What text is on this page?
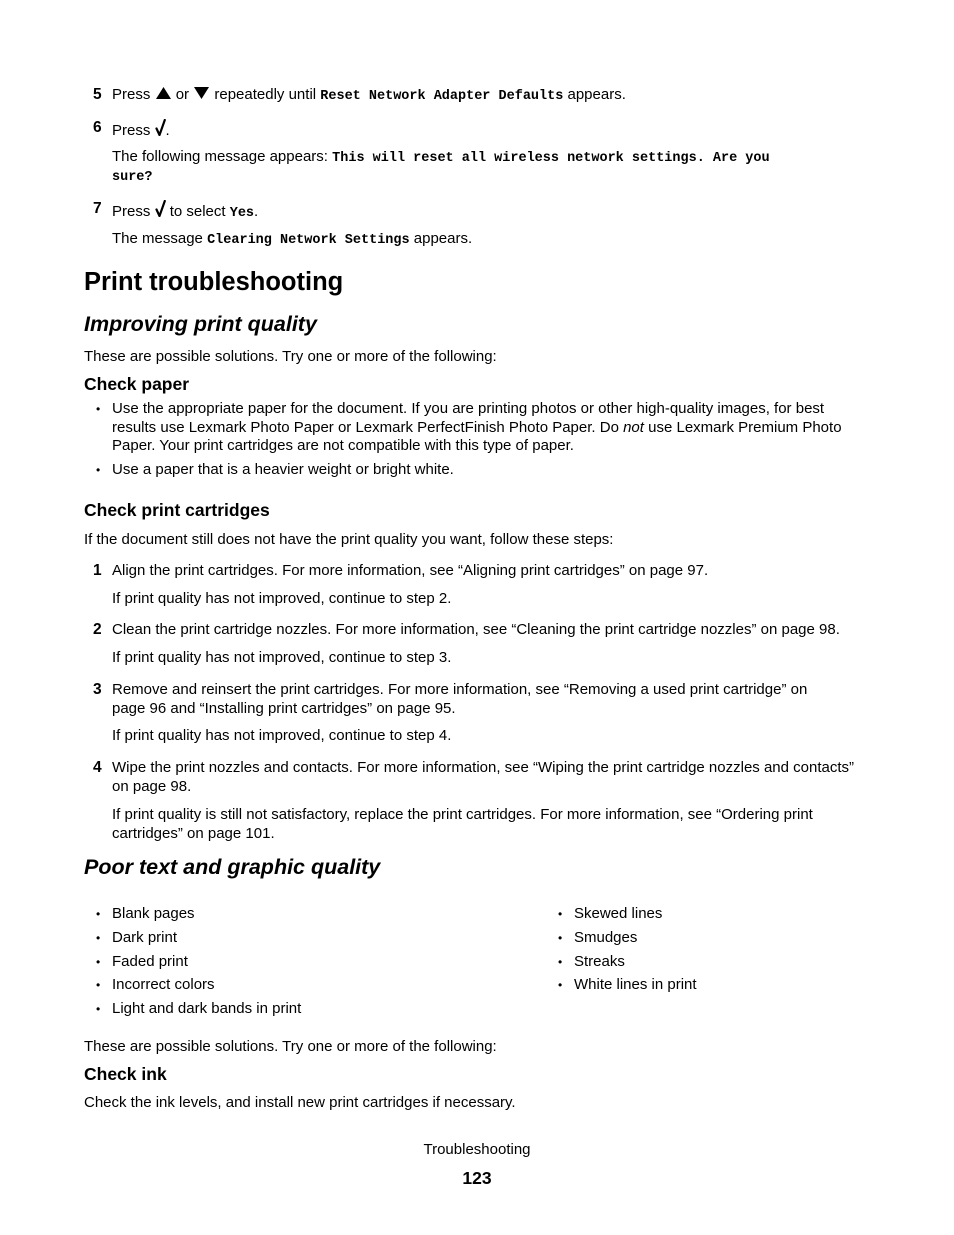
5 Press or repeatedly until Reset Network Adapter Defaults appears.
6 Press .
The following message appears: This will reset all wireless network settings. Are you
sure?
7 Press to select Yes.
The message Clearing Network Settings appears.
Print troubleshooting
Improving print quality
These are possible solutions. Try one or more of the following:
Check paper
• Use the appropriate paper for the document. If you are printing photos or other high-quality images, for best
results use Lexmark Photo Paper or Lexmark PerfectFinish Photo Paper. Do not use Lexmark Premium Photo
Paper. Your print cartridges are not compatible with this type of paper.
• Use a paper that is a heavier weight or bright white.
Check print cartridges
If the document still does not have the print quality you want, follow these steps:
1 Align the print cartridges. For more information, see “Aligning print cartridges” on page 97.
If print quality has not improved, continue to step 2.
2 Clean the print cartridge nozzles. For more information, see “Cleaning the print cartridge nozzles” on page 98.
If print quality has not improved, continue to step 3.
3 Remove and reinsert the print cartridges. For more information, see “Removing a used print cartridge” on
page 96 and “Installing print cartridges” on page 95.
If print quality has not improved, continue to step 4.
4 Wipe the print nozzles and contacts. For more information, see “Wiping the print cartridge nozzles and contacts”
on page 98.
If print quality is still not satisfactory, replace the print cartridges. For more information, see “Ordering print
cartridges” on page 101.
Poor text and graphic quality
• Blank pages
• Dark print
• Faded print
• Incorrect colors
• Light and dark bands in print
• Skewed lines
• Smudges
• Streaks
• White lines in print
These are possible solutions. Try one or more of the following:
Check ink
Check the ink levels, and install new print cartridges if necessary.
Troubleshooting
123
